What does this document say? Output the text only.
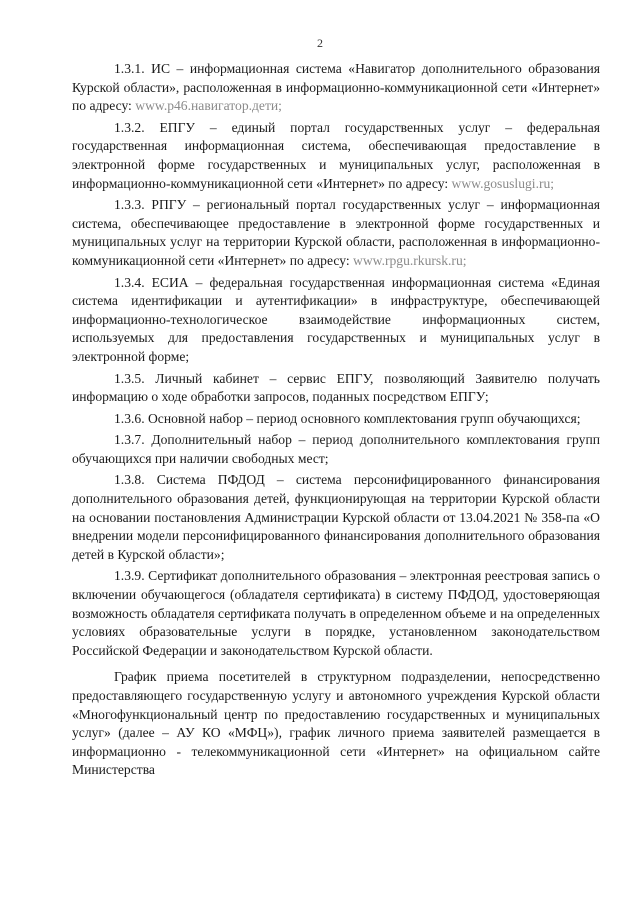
2

1.3.1. ИС – информационная система «Навигатор дополнительного образования Курской области», расположенная в информационно-коммуникационной сети «Интернет» по адресу: www.p46.навигатор.дети;

1.3.2. ЕПГУ – единый портал государственных услуг – федеральная государственная информационная система, обеспечивающая предоставление в электронной форме государственных и муниципальных услуг, расположенная в информационно-коммуникационной сети «Интернет» по адресу: www.gosuslugi.ru;

1.3.3. РПГУ – региональный портал государственных услуг – информационная система, обеспечивающее предоставление в электронной форме государственных и муниципальных услуг на территории Курской области, расположенная в информационно-коммуникационной сети «Интернет» по адресу: www.rpgu.rkursk.ru;

1.3.4. ЕСИА – федеральная государственная информационная система «Единая система идентификации и аутентификации» в инфраструктуре, обеспечивающей информационно-технологическое взаимодействие информационных систем, используемых для предоставления государственных и муниципальных услуг в электронной форме;

1.3.5. Личный кабинет – сервис ЕПГУ, позволяющий Заявителю получать информацию о ходе обработки запросов, поданных посредством ЕПГУ;

1.3.6. Основной набор – период основного комплектования групп обучающихся;

1.3.7. Дополнительный набор – период дополнительного комплектования групп обучающихся при наличии свободных мест;

1.3.8. Система ПФДОД – система персонифицированного финансирования дополнительного образования детей, функционирующая на территории Курской области на основании постановления Администрации Курской области от 13.04.2021 № 358-па «О внедрении модели персонифицированного финансирования дополнительного образования детей в Курской области»;

1.3.9. Сертификат дополнительного образования – электронная реестровая запись о включении обучающегося (обладателя сертификата) в систему ПФДОД, удостоверяющая возможность обладателя сертификата получать в определенном объеме и на определенных условиях образовательные услуги в порядке, установленном законодательством Российской Федерации и законодательством Курской области.

График приема посетителей в структурном подразделении, непосредственно предоставляющего государственную услугу и автономного учреждения Курской области «Многофункциональный центр по предоставлению государственных и муниципальных услуг» (далее – АУ КО «МФЦ»), график личного приема заявителей размещается в информационно - телекоммуникационной сети «Интернет» на официальном сайте Министерства
